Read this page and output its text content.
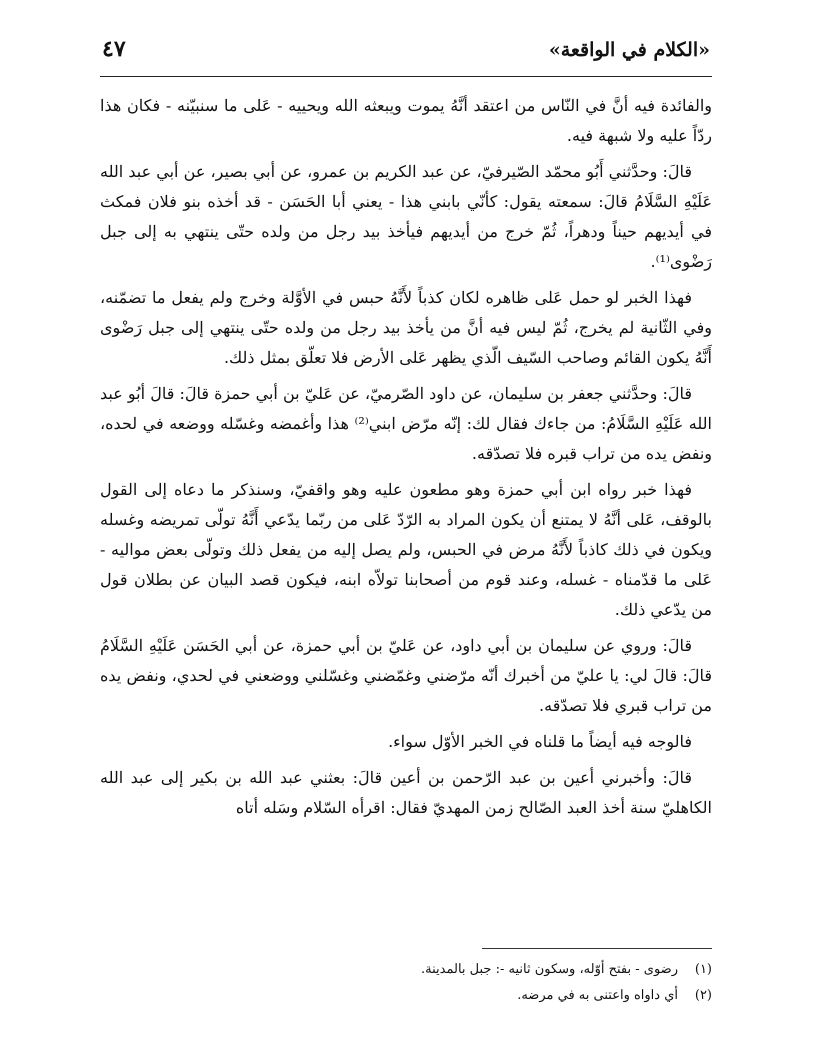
«الكلام في الواقعة»
٤٧

والفائدة فيه أنَّ في النّاس من اعتقد أنَّهُ يموت ويبعثه الله ويحييه - عَلى ما سنبيّنه - فكان هذا ردّاً عليه ولا شبهة فيه.

قالَ: وحدَّثني أَبُو محمّد الصّيرفيّ، عن عبد الكريم بن عمرو، عن أبي بصير، عن أبي عبد الله عَلَيْهِ السَّلَامُ قالَ: سمعته يقول: كأنّي بابني هذا - يعني أبا الحَسَن - قد أخذه بنو فلان فمكث في أيديهم حيناً ودهراً، ثُمّ خرج من أيديهم فيأخذ بيد رجل من ولده حتّى ينتهي به إلى جبل رَضْوى⁽¹⁾.

فهذا الخبر لو حمل عَلى ظاهره لكان كذباً لأَنَّهُ حبس في الأوَّلة وخرج ولم يفعل ما تضمّنه، وفي الثّانية لم يخرج، ثُمّ ليس فيه أنَّ من يأخذ بيد رجل من ولده حتّى ينتهي إلى جبل رَضْوى أَنَّهُ يكون القائم وصاحب السّيف الّذي يظهر عَلى الأرض فلا تعلّق بمثل ذلك.

قالَ: وحدَّثني جعفر بن سليمان، عن داود الصّرميّ، عن عَليّ بن أبي حمزة قالَ: قالَ أبُو عبد الله عَلَيْهِ السَّلَامُ: من جاءك فقال لك: إنّه مرّض ابني⁽²⁾ هذا وأغمضه وغسّله ووضعه في لحده، ونفض يده من تراب قبره فلا تصدّقه.

فهذا خبر رواه ابن أبي حمزة وهو مطعون عليه وهو واقفيّ، وسنذكر ما دعاه إلى القول بالوقف، عَلى أنَّهُ لا يمتنع أن يكون المراد به الرّدّ عَلى من ربّما يدّعي أَنَّهُ تولّى تمريضه وغسله ويكون في ذلك كاذباً لأَنَّهُ مرض في الحبس، ولم يصل إليه من يفعل ذلك وتولّى بعض مواليه - عَلى ما قدّمناه - غسله، وعند قوم من أصحابنا تولاّه ابنه، فيكون قصد البيان عن بطلان قول من يدّعي ذلك.

قالَ: وروي عن سليمان بن أبي داود، عن عَليّ بن أبي حمزة، عن أبي الحَسَن عَلَيْهِ السَّلَامُ قالَ: قالَ لي: يا عليّ من أخبرك أنّه مرّضني وغمّضني وغسّلني ووضعني في لحدي، ونفض يده من تراب قبري فلا تصدّقه.

فالوجه فيه أيضاً ما قلناه في الخبر الأوّل سواء.

قالَ: وأخبرني أعين بن عبد الرّحمن بن أعين قالَ: بعثني عبد الله بن بكير إلى عبد الله الكاهليّ سنة أخذ العبد الصّالح زمن المهديّ فقال: اقرأه السّلام وسَله أتاه

(١)
رضوى - بفتح أوّله، وسكون ثانيه -: جبل بالمدينة.
(٢)
أي داواه واعتنى به في مرضه.
